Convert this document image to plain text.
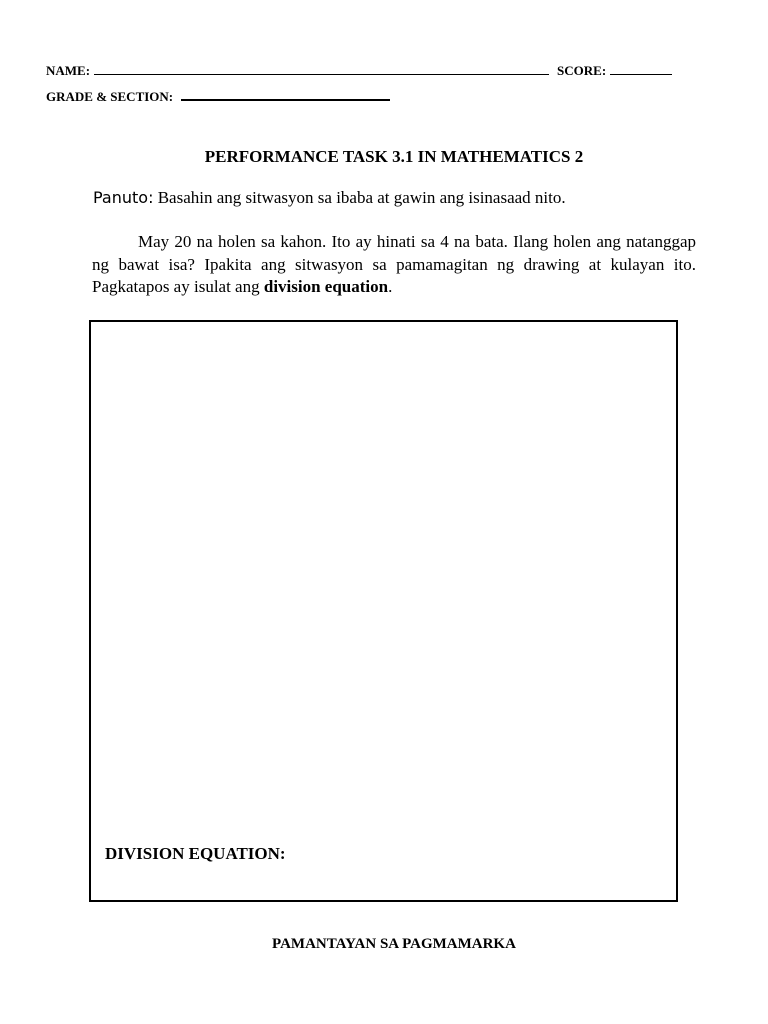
NAME:	SCORE:
GRADE & SECTION:
PERFORMANCE TASK 3.1 IN MATHEMATICS 2
Panuto: Basahin ang sitwasyon sa ibaba at gawin ang isinasaad nito.

May 20 na holen sa kahon. Ito ay hinati sa 4 na bata. Ilang holen ang natanggap ng bawat isa? Ipakita ang sitwasyon sa pamamagitan ng drawing at kulayan ito. Pagkatapos ay isulat ang division equation.

DIVISION EQUATION:
PAMANTAYAN SA PAGMAMARKA
